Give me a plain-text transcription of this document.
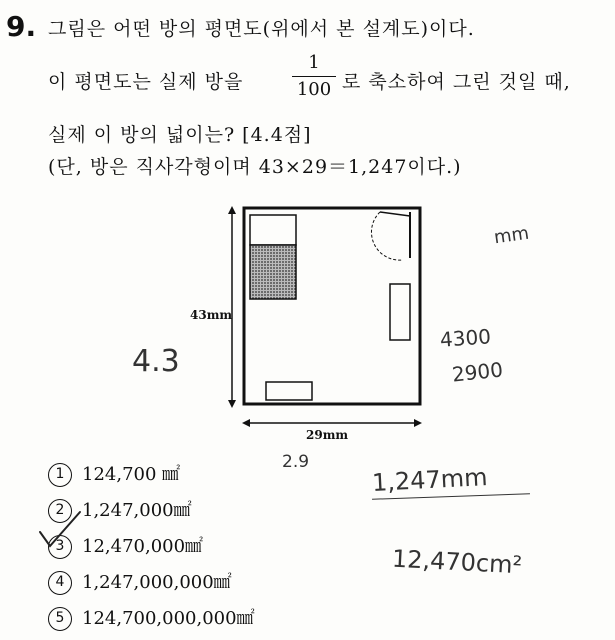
9. 그림은 어떤 방의 평면도(위에서 본 설계도)이다.
이 평면도는 실제 방을
1
100 로 축소하여 그린 것일 때,
실제 이 방의 넓이는? [4.4점]
(단, 방은 직사각형이며 43×29＝1,247이다.)
43mm
29mm
mm
4.3
4300
2900
2.9
1,247mm
12,470cm²
1 124,700 ㎟
2 1,247,000㎟
3 12,470,000㎟
4 1,247,000,000㎟
5 124,700,000,000㎟
